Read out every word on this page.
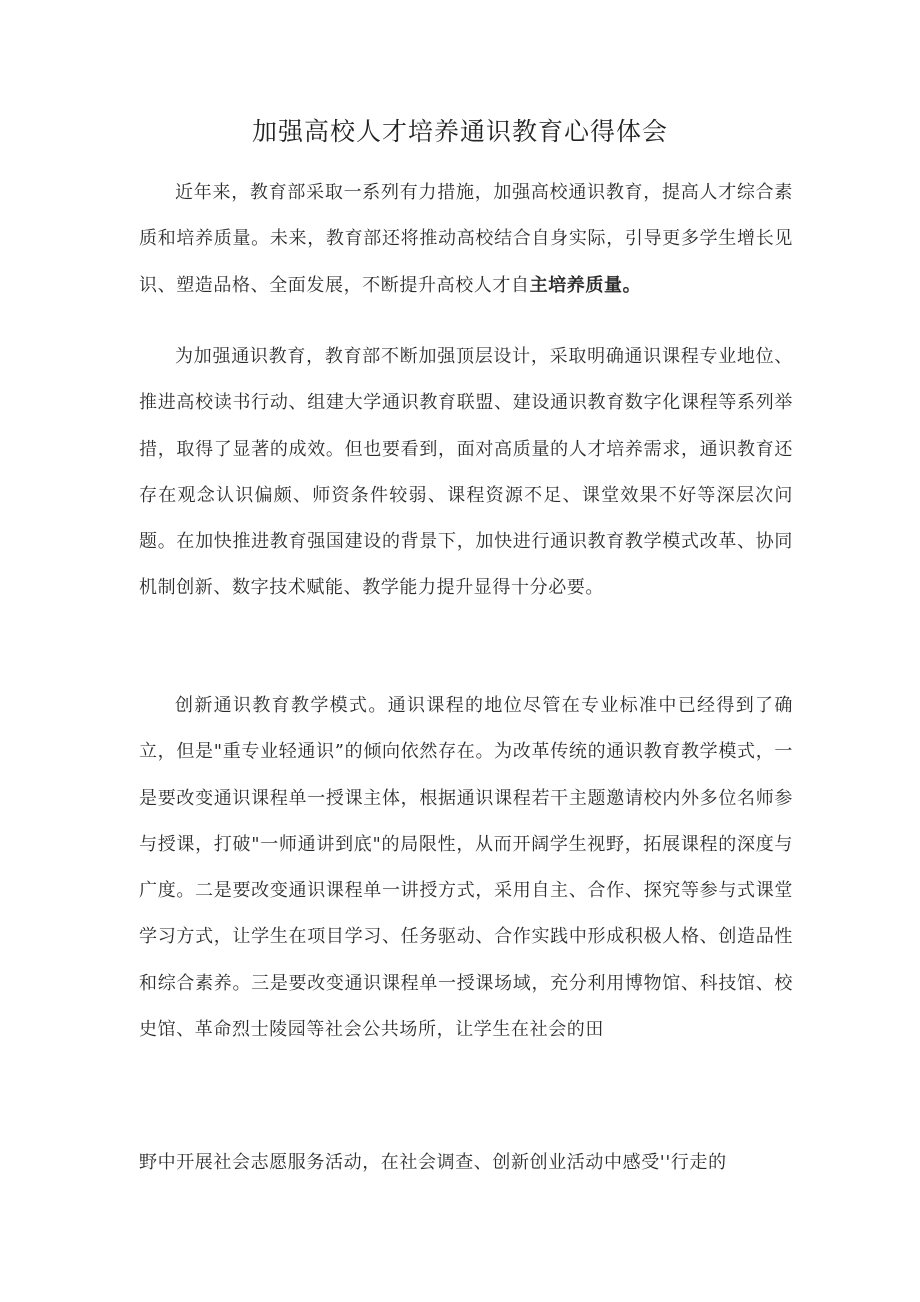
加强高校人才培养通识教育心得体会

近年来，教育部采取一系列有力措施，加强高校通识教育，提高人才综合素质和培养质量。未来，教育部还将推动高校结合自身实际，引导更多学生增长见识、塑造品格、全面发展，不断提升高校人才自主培养质量。

为加强通识教育，教育部不断加强顶层设计，采取明确通识课程专业地位、推进高校读书行动、组建大学通识教育联盟、建设通识教育数字化课程等系列举措，取得了显著的成效。但也要看到，面对高质量的人才培养需求，通识教育还存在观念认识偏颇、师资条件较弱、课程资源不足、课堂效果不好等深层次问题。在加快推进教育强国建设的背景下，加快进行通识教育教学模式改革、协同机制创新、数字技术赋能、教学能力提升显得十分必要。

创新通识教育教学模式。通识课程的地位尽管在专业标准中已经得到了确立，但是"重专业轻通识”的倾向依然存在。为改革传统的通识教育教学模式，一是要改变通识课程单一授课主体，根据通识课程若干主题邀请校内外多位名师参与授课，打破"一师通讲到底"的局限性，从而开阔学生视野，拓展课程的深度与广度。二是要改变通识课程单一讲授方式，采用自主、合作、探究等参与式课堂学习方式，让学生在项目学习、任务驱动、合作实践中形成积极人格、创造品性和综合素养。三是要改变通识课程单一授课场域，充分利用博物馆、科技馆、校史馆、革命烈士陵园等社会公共场所，让学生在社会的田

野中开展社会志愿服务活动，在社会调查、创新创业活动中感受''行走的
